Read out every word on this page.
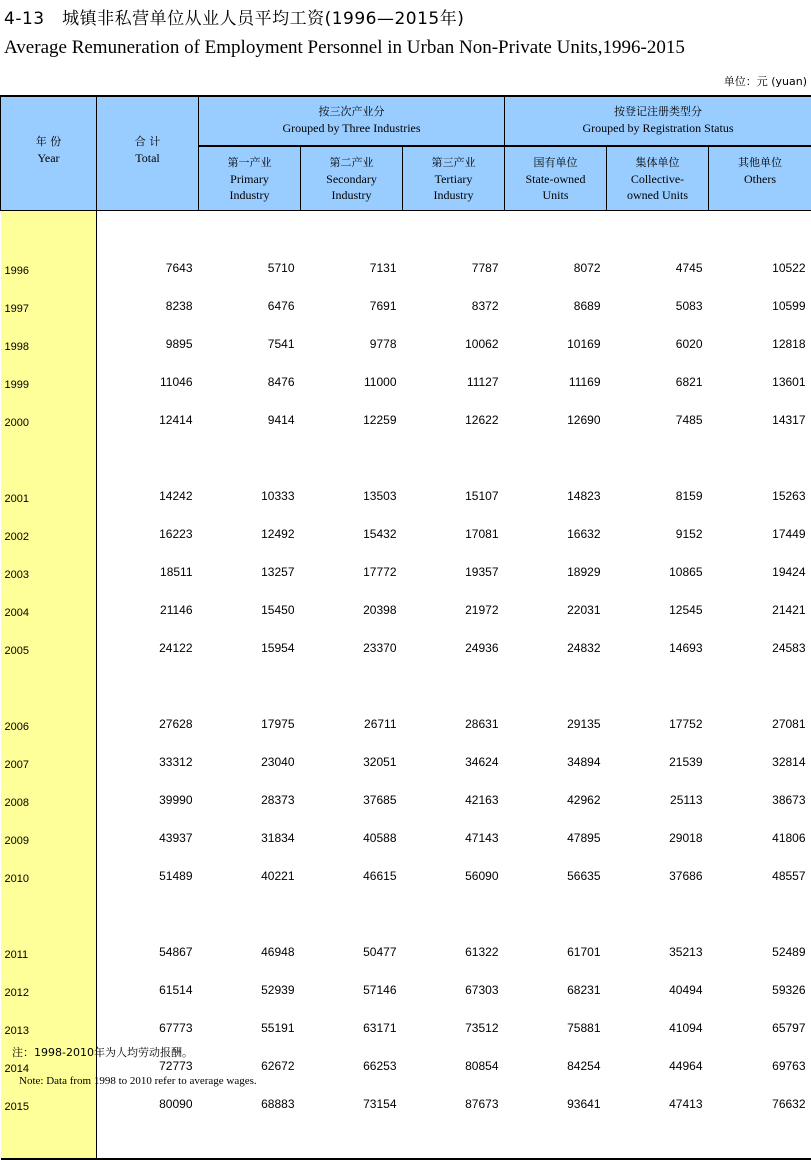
4-13　城镇非私营单位从业人员平均工资(1996—2015年)
Average Remuneration of Employment Personnel in Urban Non-Private Units,1996-2015
单位：元 (yuan)
年 份
Year	合 计
Total	按三次产业分
Grouped by Three Industries			按登记注册类型分
Grouped by Registration Status		

		第一产业
Primary
Industry	第二产业
Secondary
Industry	第三产业
Tertiary
Industry	国有单位
State-owned
Units	集体单位
Collective-
owned Units	其他单位
Others

1996	7643	5710	7131	7787	8072	4745	10522
1997	8238	6476	7691	8372	8689	5083	10599
1998	9895	7541	9778	10062	10169	6020	12818
1999	11046	8476	11000	11127	11169	6821	13601
2000	12414	9414	12259	12622	12690	7485	14317

2001	14242	10333	13503	15107	14823	8159	15263
2002	16223	12492	15432	17081	16632	9152	17449
2003	18511	13257	17772	19357	18929	10865	19424
2004	21146	15450	20398	21972	22031	12545	21421
2005	24122	15954	23370	24936	24832	14693	24583

2006	27628	17975	26711	28631	29135	17752	27081
2007	33312	23040	32051	34624	34894	21539	32814
2008	39990	28373	37685	42163	42962	25113	38673
2009	43937	31834	40588	47143	47895	29018	41806
2010	51489	40221	46615	56090	56635	37686	48557

2011	54867	46948	50477	61322	61701	35213	52489
2012	61514	52939	57146	67303	68231	40494	59326
2013	67773	55191	63171	73512	75881	41094	65797
2014	72773	62672	66253	80854	84254	44964	69763
2015	80090	68883	73154	87673	93641	47413	76632

注：1998-2010年为人均劳动报酬。
Note: Data from 1998 to 2010 refer to average wages.
